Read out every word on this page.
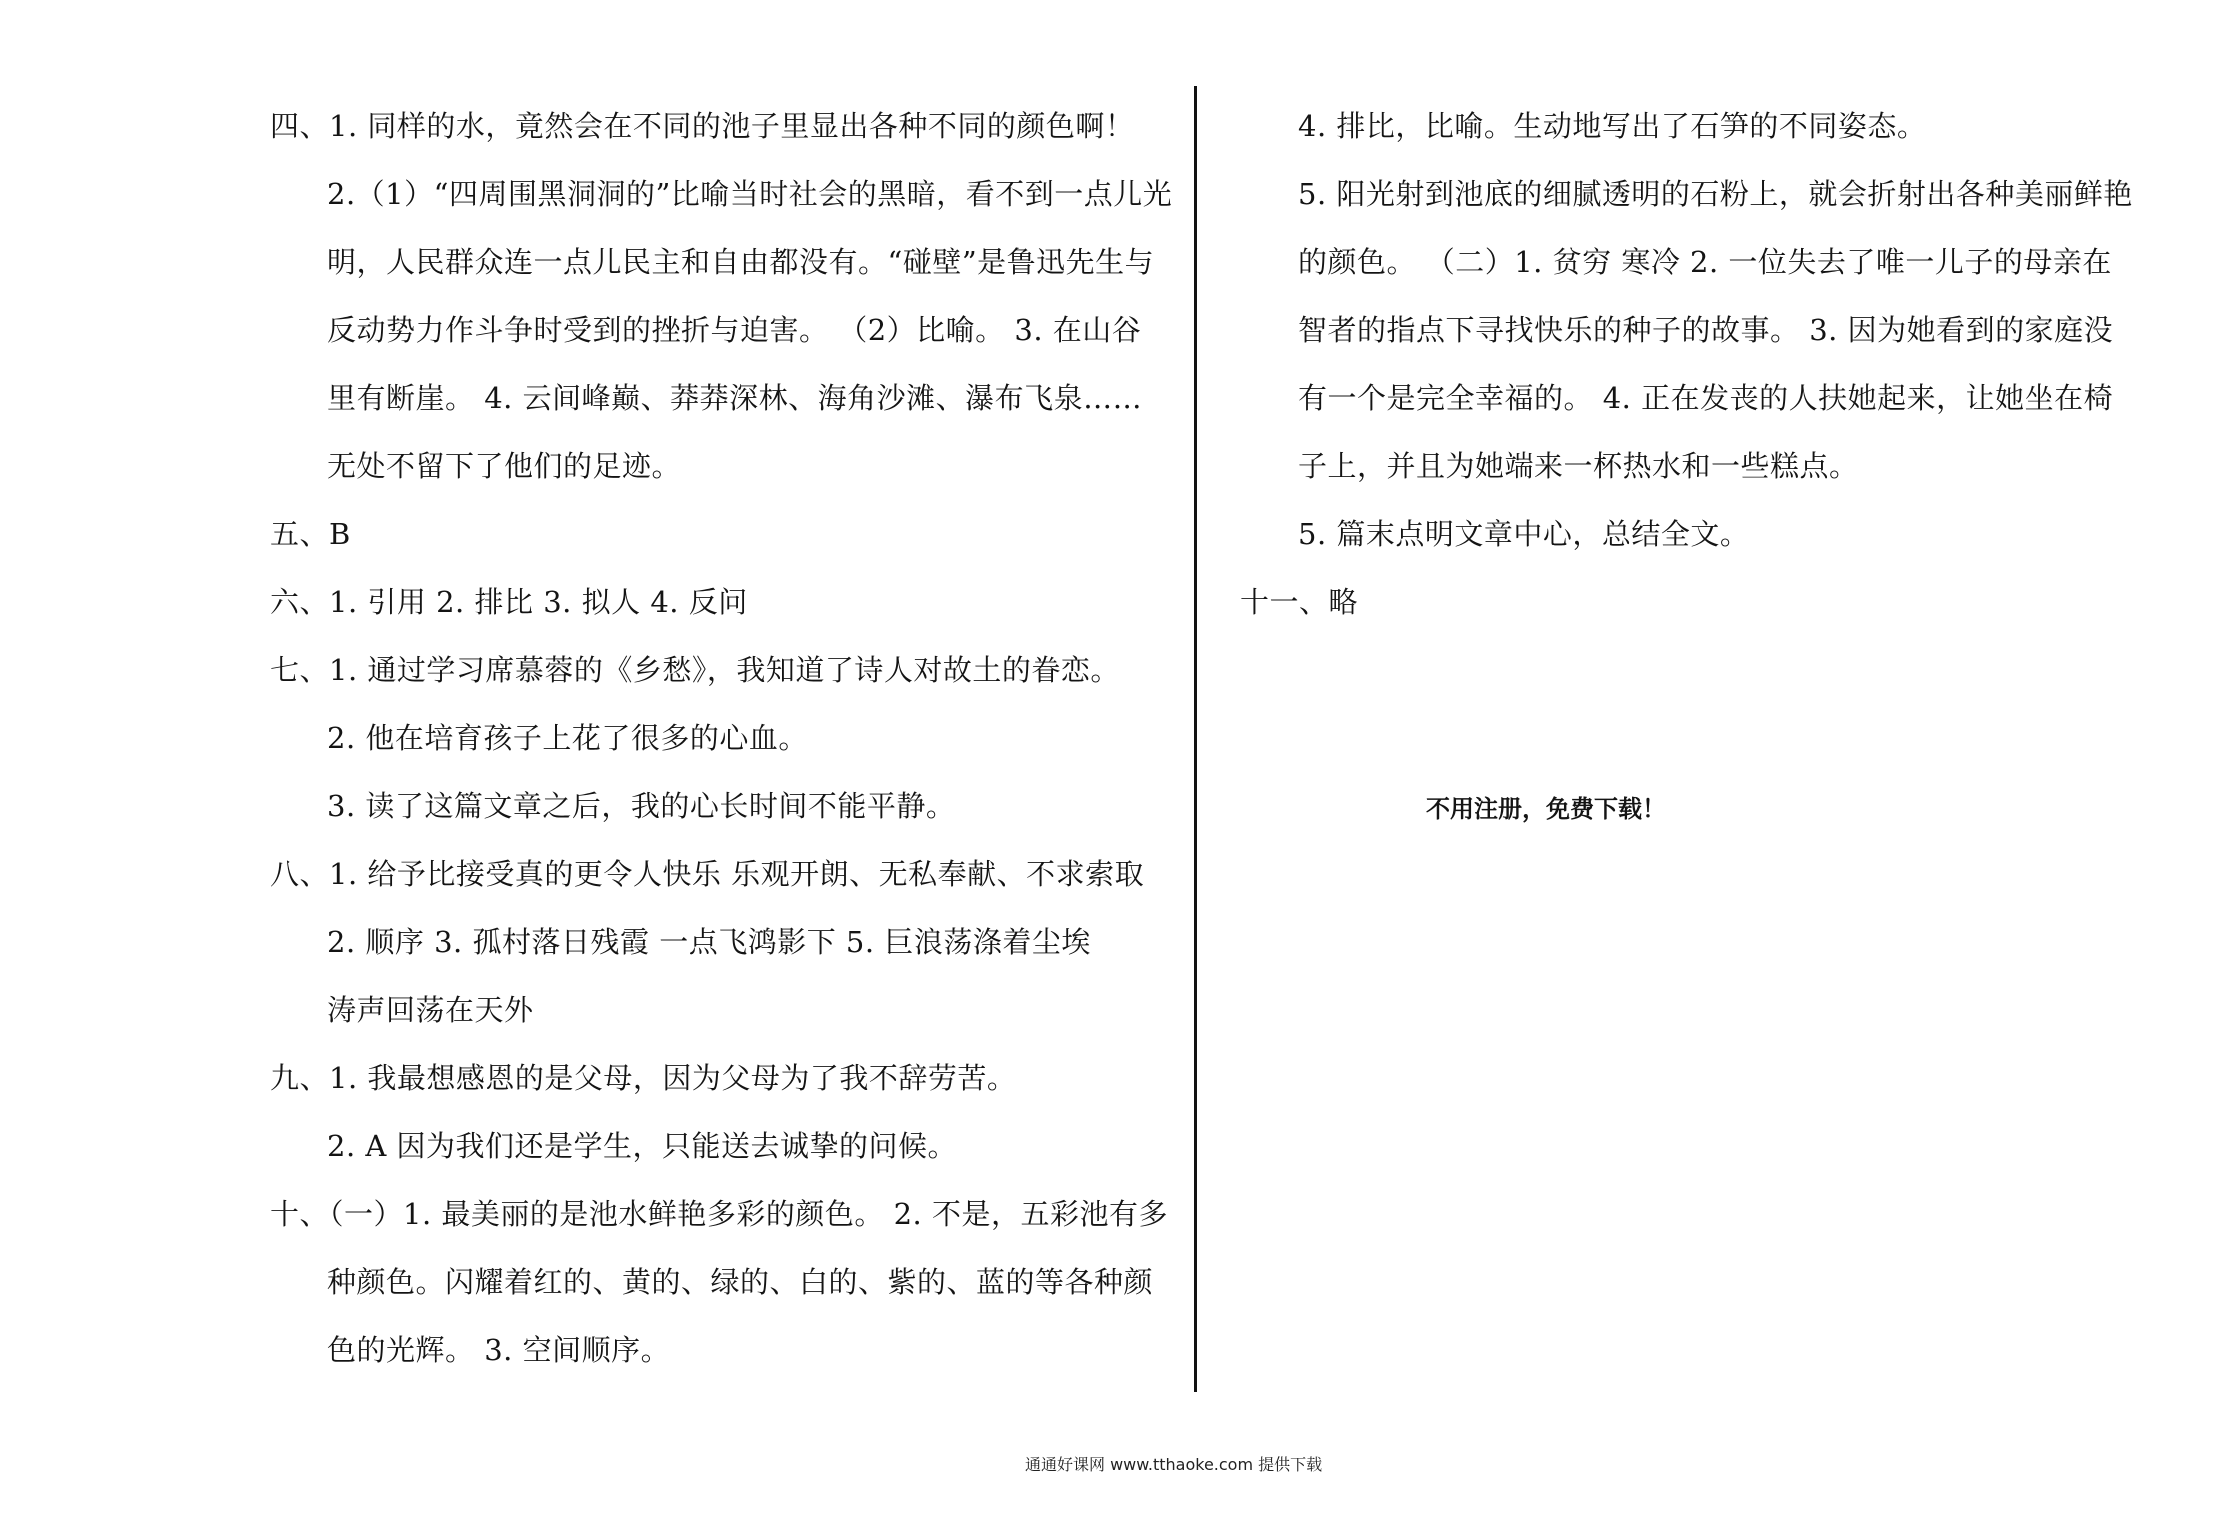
四、1. 同样的水，竟然会在不同的池子里显出各种不同的颜色啊！
2.（1）“四周围黑洞洞的”比喻当时社会的黑暗，看不到一点儿光
明，人民群众连一点儿民主和自由都没有。“碰壁”是鲁迅先生与
反动势力作斗争时受到的挫折与迫害。 （2）比喻。 3. 在山谷
里有断崖。 4. 云间峰巅、莽莽深林、海角沙滩、瀑布飞泉……
无处不留下了他们的足迹。
五、B
六、1. 引用 2. 排比 3. 拟人 4. 反问
七、1. 通过学习席慕蓉的《乡愁》，我知道了诗人对故土的眷恋。
2. 他在培育孩子上花了很多的心血。
3. 读了这篇文章之后，我的心长时间不能平静。
八、1. 给予比接受真的更令人快乐 乐观开朗、无私奉献、不求索取
2. 顺序 3. 孤村落日残霞 一点飞鸿影下 5. 巨浪荡涤着尘埃
涛声回荡在天外
九、1. 我最想感恩的是父母，因为父母为了我不辞劳苦。
2. A 因为我们还是学生，只能送去诚挚的问候。
十、（一）1. 最美丽的是池水鲜艳多彩的颜色。 2. 不是，五彩池有多
种颜色。闪耀着红的、黄的、绿的、白的、紫的、蓝的等各种颜
色的光辉。 3. 空间顺序。
4. 排比，比喻。生动地写出了石笋的不同姿态。
5. 阳光射到池底的细腻透明的石粉上，就会折射出各种美丽鲜艳
的颜色。 （二）1. 贫穷 寒冷 2. 一位失去了唯一儿子的母亲在
智者的指点下寻找快乐的种子的故事。 3. 因为她看到的家庭没
有一个是完全幸福的。 4. 正在发丧的人扶她起来，让她坐在椅
子上，并且为她端来一杯热水和一些糕点。
5. 篇末点明文章中心，总结全文。
十一、略
不用注册，免费下载！
通通好课网 www.tthaoke.com 提供下载
